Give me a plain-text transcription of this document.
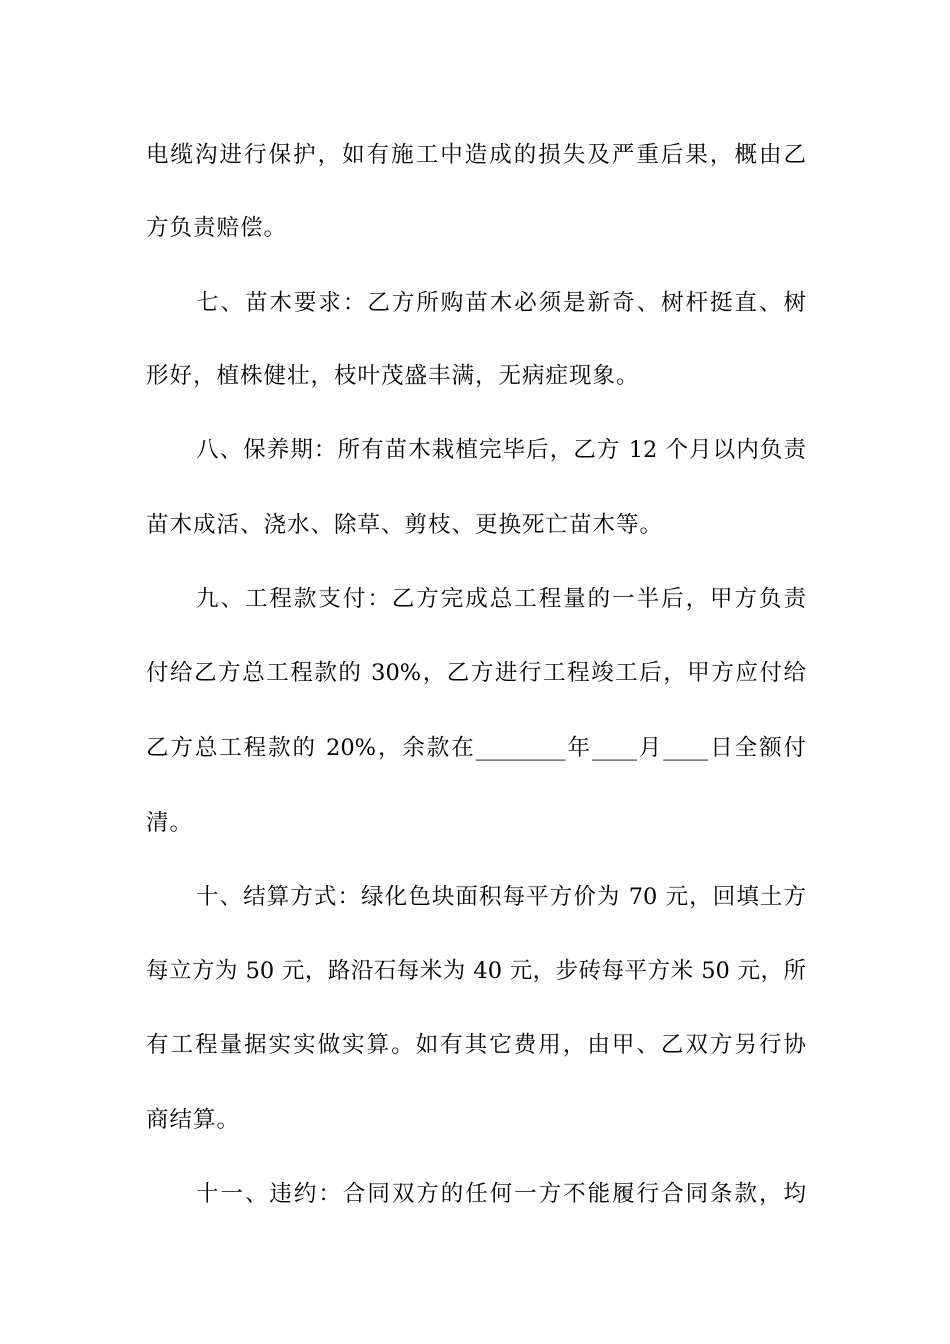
电缆沟进行保护，如有施工中造成的损失及严重后果，概由乙
方负责赔偿。
七、苗木要求：乙方所购苗木必须是新奇、树杆挺直、树
形好，植株健壮，枝叶茂盛丰满，无病症现象。
八、保养期：所有苗木栽植完毕后，乙方 12 个月以内负责
苗木成活、浇水、除草、剪枝、更换死亡苗木等。
九、工程款支付：乙方完成总工程量的一半后，甲方负责
付给乙方总工程款的 30%，乙方进行工程竣工后，甲方应付给
乙方总工程款的 20%，余款在________年____月____日全额付
清。
十、结算方式：绿化色块面积每平方价为 70 元，回填土方
每立方为 50 元，路沿石每米为 40 元，步砖每平方米 50 元，所
有工程量据实实做实算。如有其它费用，由甲、乙双方另行协
商结算。
十一、违约：合同双方的任何一方不能履行合同条款，均
